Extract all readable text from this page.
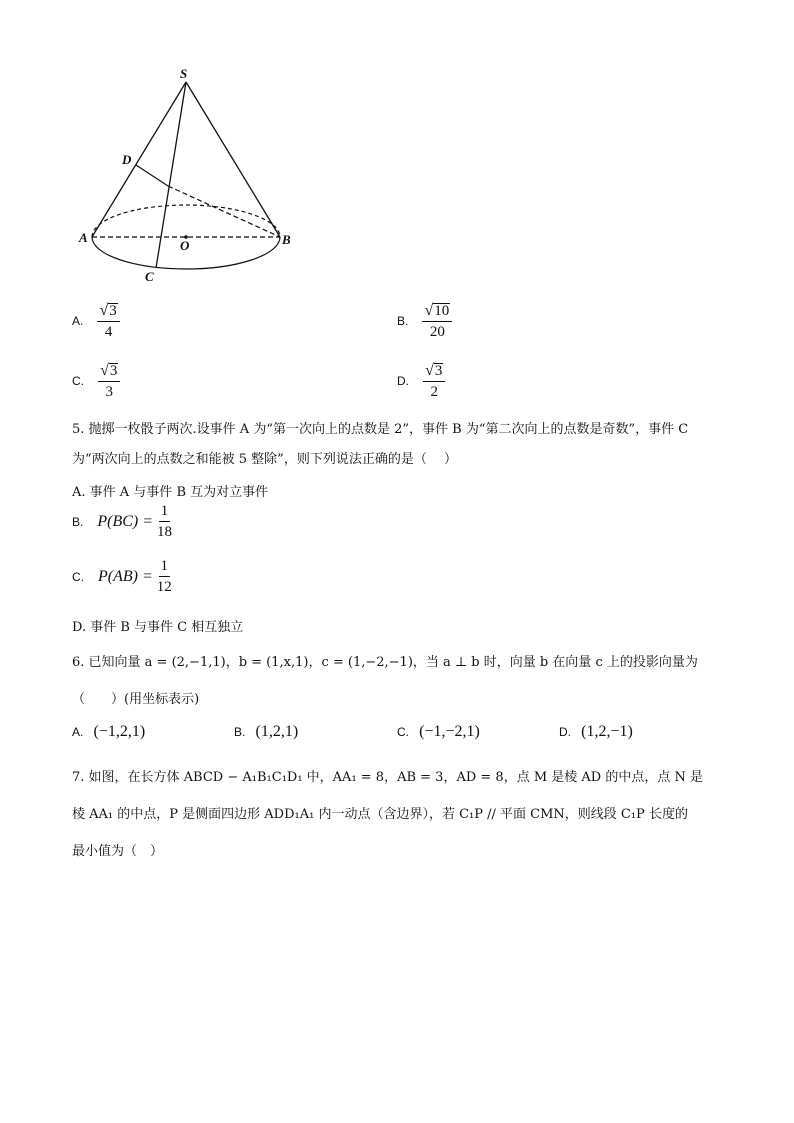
S
D
A	B
O
C
A. $\frac{√ 3}{4}$	B. $\frac{√ 10}{20}$
C. $\frac{√ 3}{3}$	D. $\frac{√ 3}{2}$
5. 抛掷一枚骰子两次.设事件 A 为“第一次向上的点数是 2”，事件 B 为“第二次向上的点数是奇数”，事件 C
为“两次向上的点数之和能被 5 整除”，则下列说法正确的是（　 ）
A. 事件 A 与事件 B 互为对立事件
B. $P(BC) = \frac{1}{18}$
C. $P(AB) = \frac{1}{12}$
D. 事件 B 与事件 C 相互独立
6. 已知向量 a = (2,−1,1)，b = (1,x,1)，c = (1,−2,−1)，当 a ⊥ b 时，向量 b 在向量 c 上的投影向量为
（　　）(用坐标表示)
A. (−1,2,1)	B. (1,2,1)	C. (−1,−2,1)	D. (1,2,−1)
7. 如图，在长方体 ABCD − A₁B₁C₁D₁ 中，AA₁ = 8，AB = 3，AD = 8，点 M 是棱 AD 的中点，点 N 是
棱 AA₁ 的中点，P 是侧面四边形 ADD₁A₁ 内一动点（含边界），若 C₁P // 平面 CMN，则线段 C₁P 长度的
最小值为（　）
